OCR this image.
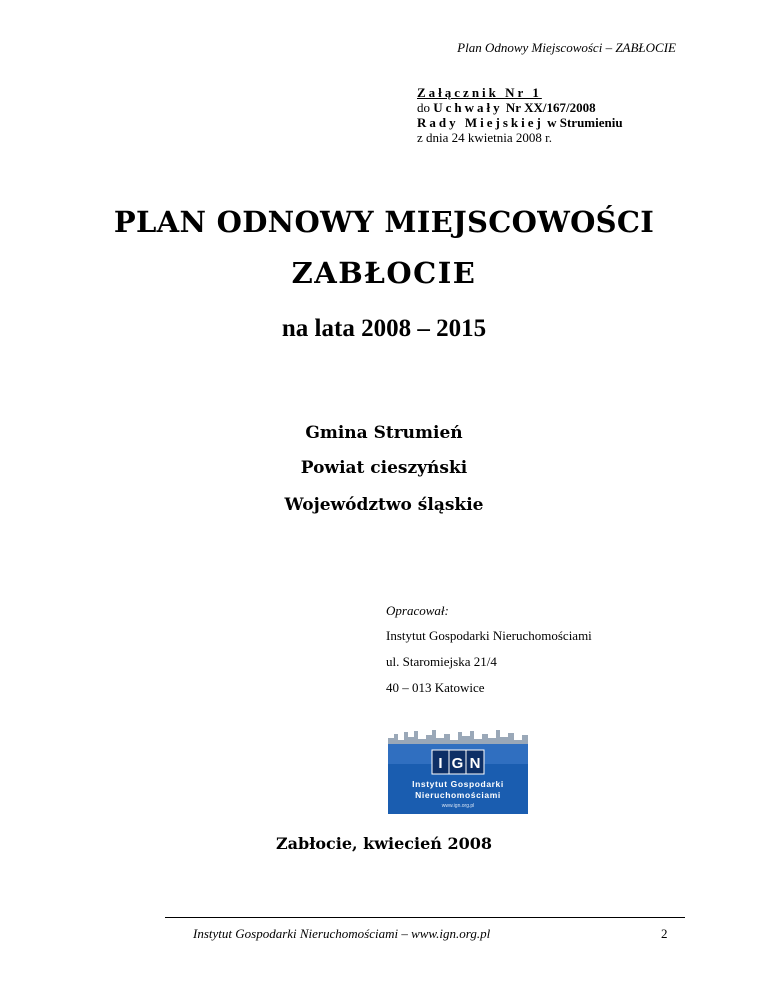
Plan Odnowy Miejscowości – ZABŁOCIE
Załącznik Nr 1
do Uchwały Nr XX/167/2008
Rady Miejskiej w Strumieniu
z dnia 24 kwietnia 2008 r.
PLAN ODNOWY MIEJSCOWOŚCI
ZABŁOCIE
na lata 2008 – 2015
Gmina Strumień
Powiat cieszyński
Województwo śląskie
Opracował:
Instytut Gospodarki Nieruchomościami
ul. Staromiejska 21/4
40 – 013 Katowice
I G N
Instytut Gospodarki
Nieruchomościami
www.ign.org.pl
Zabłocie, kwiecień 2008
Instytut Gospodarki Nieruchomościami – www.ign.org.pl	2
